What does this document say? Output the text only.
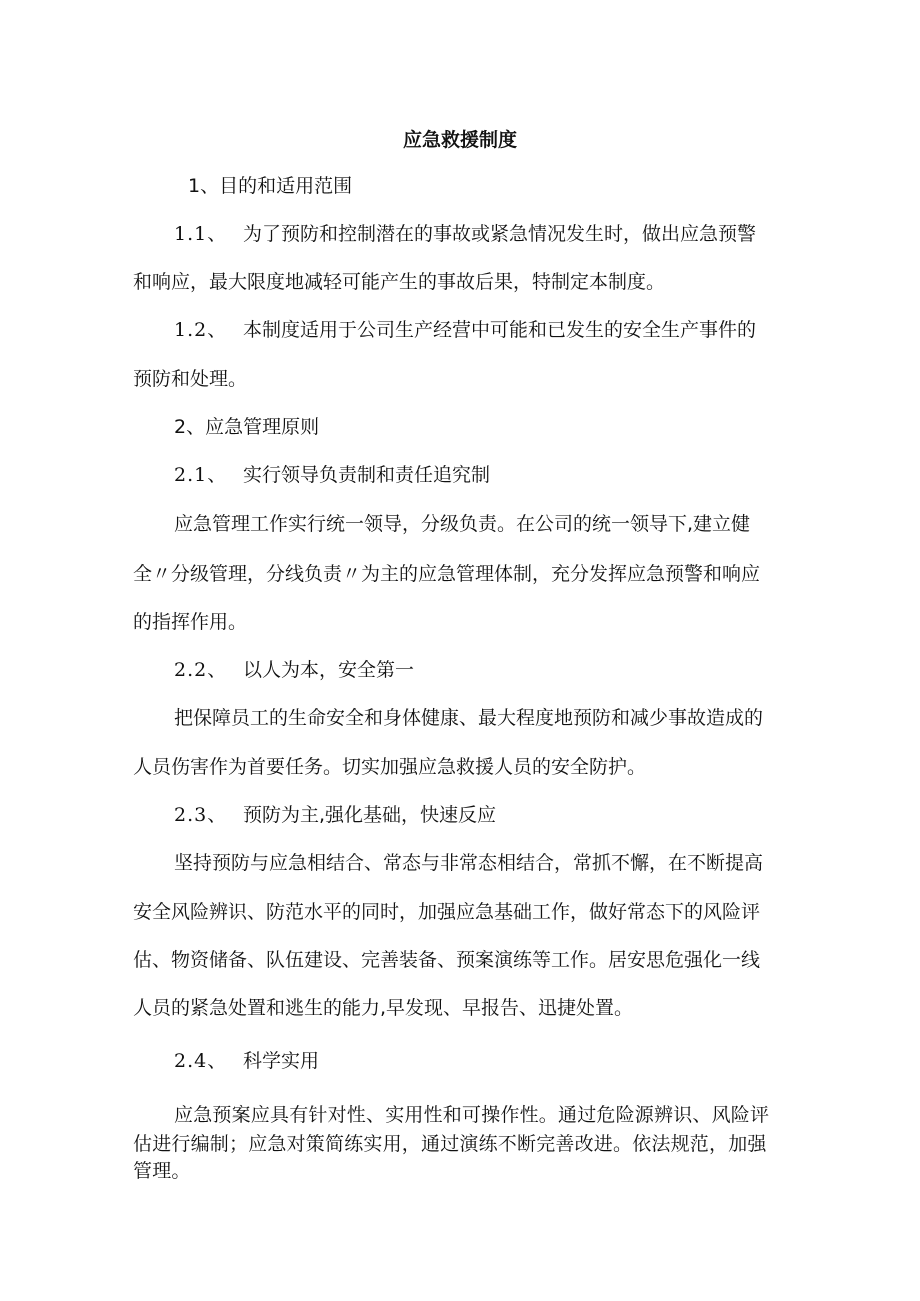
应急救援制度
1、目的和适用范围
1.1、 为了预防和控制潜在的事故或紧急情况发生时，做出应急预警
和响应，最大限度地减轻可能产生的事故后果，特制定本制度。
1.2、 本制度适用于公司生产经营中可能和已发生的安全生产事件的
预防和处理。
2、应急管理原则
2.1、 实行领导负责制和责任追究制
应急管理工作实行统一领导，分级负责。在公司的统一领导下,建立健
全〃分级管理，分线负责〃为主的应急管理体制，充分发挥应急预警和响应
的指挥作用。
2.2、 以人为本，安全第一
把保障员工的生命安全和身体健康、最大程度地预防和减少事故造成的
人员伤害作为首要任务。切实加强应急救援人员的安全防护。
2.3、 预防为主,强化基础，快速反应
坚持预防与应急相结合、常态与非常态相结合，常抓不懈，在不断提高
安全风险辨识、防范水平的同时，加强应急基础工作，做好常态下的风险评
估、物资储备、队伍建设、完善装备、预案演练等工作。居安思危强化一线
人员的紧急处置和逃生的能力,早发现、早报告、迅捷处置。
2.4、 科学实用
应急预案应具有针对性、实用性和可操作性。通过危险源辨识、风险评
估进行编制；应急对策简练实用，通过演练不断完善改进。依法规范，加强
管理。
